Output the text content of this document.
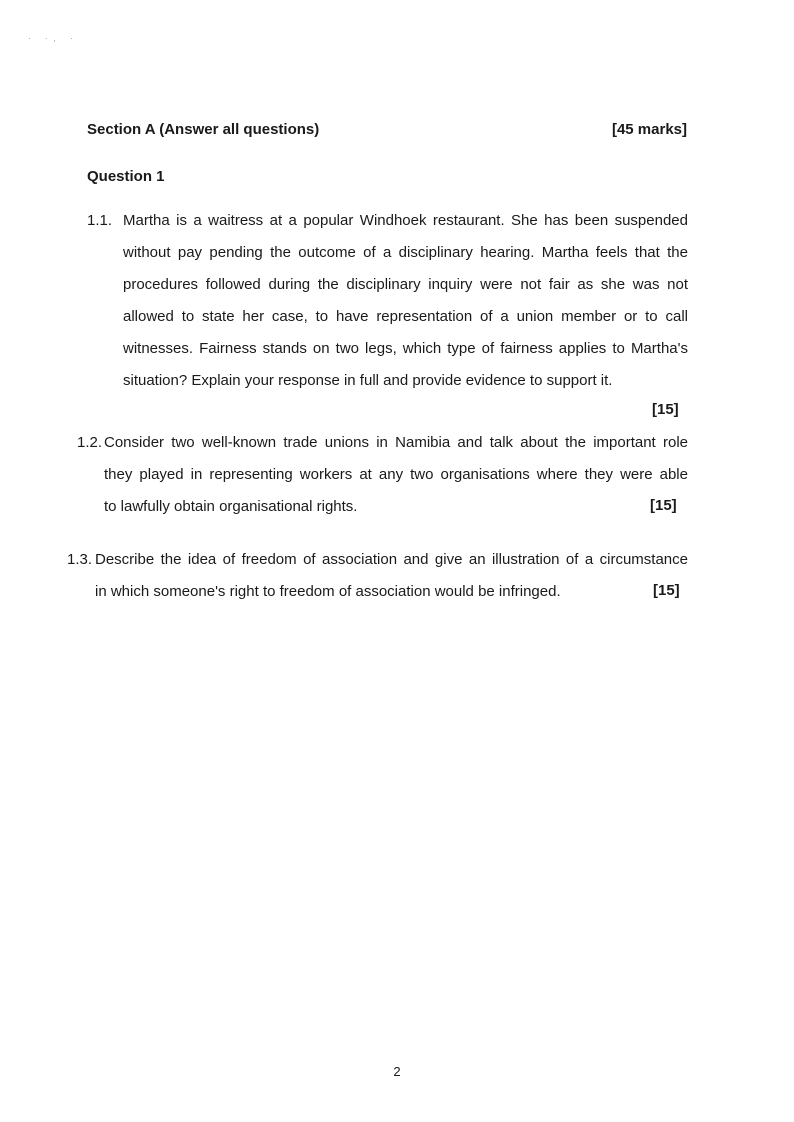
· ·, ·
Section A (Answer all questions)	[45 marks]
Question 1
1.1. Martha is a waitress at a popular Windhoek restaurant. She has been suspended
without pay pending the outcome of a disciplinary hearing. Martha feels that the
procedures followed during the disciplinary inquiry were not fair as she was not
allowed to state her case, to have representation of a union member or to call
witnesses. Fairness stands on two legs, which type of fairness applies to Martha's
situation? Explain your response in full and provide evidence to support it.
[15]
1.2. Consider two well-known trade unions in Namibia and talk about the important role
they played in representing workers at any two organisations where they were able
to lawfully obtain organisational rights.	[15]
1.3. Describe the idea of freedom of association and give an illustration of a circumstance
in which someone's right to freedom of association would be infringed.	[15]
2
